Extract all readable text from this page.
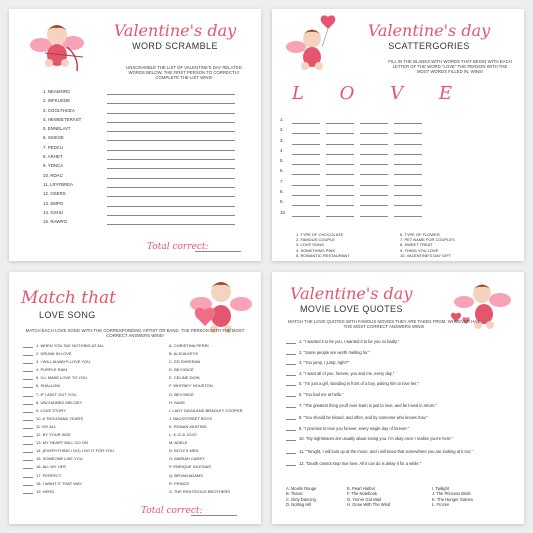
Valentine's day
WORD SCRAMBLE
UNSCRAMBLE THE LIST OF VALENTINE'S DAY RELATED WORDS BELOW. THE FIRST PERSON TO CORRECTLY COMPLETE THE LIST WINS!
1. NEAMORC
2. WFKUSOE
3. COOLTHCEA
4. HEWEETERAST
5. ENNELAVT
6. SSIKSE
7. PEDCU
8. ARHET
9. YDNCA
10. RDAC
11. LRYFBREA
12. OSERS
13. EMPO
14. GSHU
15. RAWRO
Total correct:
Valentine's day
SCATTERGORIES
FILL IN THE BLANKS WITH WORDS THAT BEGIN WITH EACH LETTER OF THE WORD "LOVE" THE PERSON WITH THE MOST WORDS FILLED IN, WINS!
L O V E
1.
2.
3.
4.
5.
6.
7.
8.
9.
10.
1. TYPE OF CHOCOLATE
2. FAMOUS COUPLE
3. LOVE SONG
4. SOMETHING PINK
5. ROMANTIC RESTAURANT
6. TYPE OF FLOWER
7. PET NAME FOR COUPLES
8. SWEET TREAT
9. THING YOU LOVE
10. VALENTINE'S DAY GIFT
Match that
LOVE SONG
MATCH EACH LOVE SONG WITH THE CORRESPONDING ARTIST OR BAND. THE PERSON WITH THE MOST CORRECT ANSWERS WINS!
1. WHEN YOU SAY NOTHING AT ALL
2. DRUNK IN LOVE
3. I WILL ALWAYS LOVE YOU
4. PURPLE RAIN
5. I'LL MAKE LOVE TO YOU
6. SHALLOW
7. IF I AIN'T GOT YOU
8. UNCHAINED MELODY
9. LOVE STORY
10. A THOUSAND YEARS
11. MY ALL
12. BY YOUR SIDE
13. MY HEART WILL GO ON
14. (EVERYTHING I DO) I DO IT FOR YOU
15. SOMEONE LIKE YOU
16. ALL MY LIFE
17. PERFECT
18. I WANT IT THAT WAY
19. HERO
A. CHRISTINA PERRI
B. ALICIA KEYS
C. ED SHEERAN
D. BEYONCÉ
E. CÉLINE DION
F. WHITNEY HOUSTON
G. BEYONCÉ
H. SADE
I. LADY GAGA AND BRADLEY COOPER
J. BACKSTREET BOYS
K. RONAN KEATING
L. K-CI & JOJO
M. ADELE
N. BOYZ II MEN
O. MARIAH CAREY
P. ENRIQUE IGLESIAS
Q. BRYAN ADAMS
R. PRINCE
S. THE RIGHTEOUS BROTHERS
Total correct:
Valentine's day
MOVIE LOVE QUOTES
MATCH THE LOVE QUOTES WITH FAMOUS MOVIES THEY ARE TAKEN FROM. WHOEVER HAS THE MOST CORRECT ANSWERS WINS!
1. "I wanted it to be you, I wanted it to be you so badly."
2. "Some people are worth melting for."
3. "You jump, I jump, right?"
4. "I want all of you, forever, you and me, every day."
5. "I'm just a girl, standing in front of a boy, asking him to love her."
6. "You had me at hello."
7. "The greatest thing you'll ever learn is just to love, and be loved in return."
8. "You should be kissed, and often, and by someone who knows how."
9. "I promise to love you forever, every single day of forever."
10. "My nightmares are usually about losing you. I'm okay once I realize you're here."
11. "Tonight, I will look up at the moon, and I will know that somewhere you are looking at it too."
12. "Death cannot stop true love. All it can do is delay it for a while."
A. Moulin Rouge
B. Titanic
C. Dirty Dancing
D. Notting Hill
E. Pearl Harbor
F. The Notebook
G. You've Got Mail
H. Gone With The Wind
I. Twilight
J. The Princess Bride
K. The Hunger Games
L. Frozen
